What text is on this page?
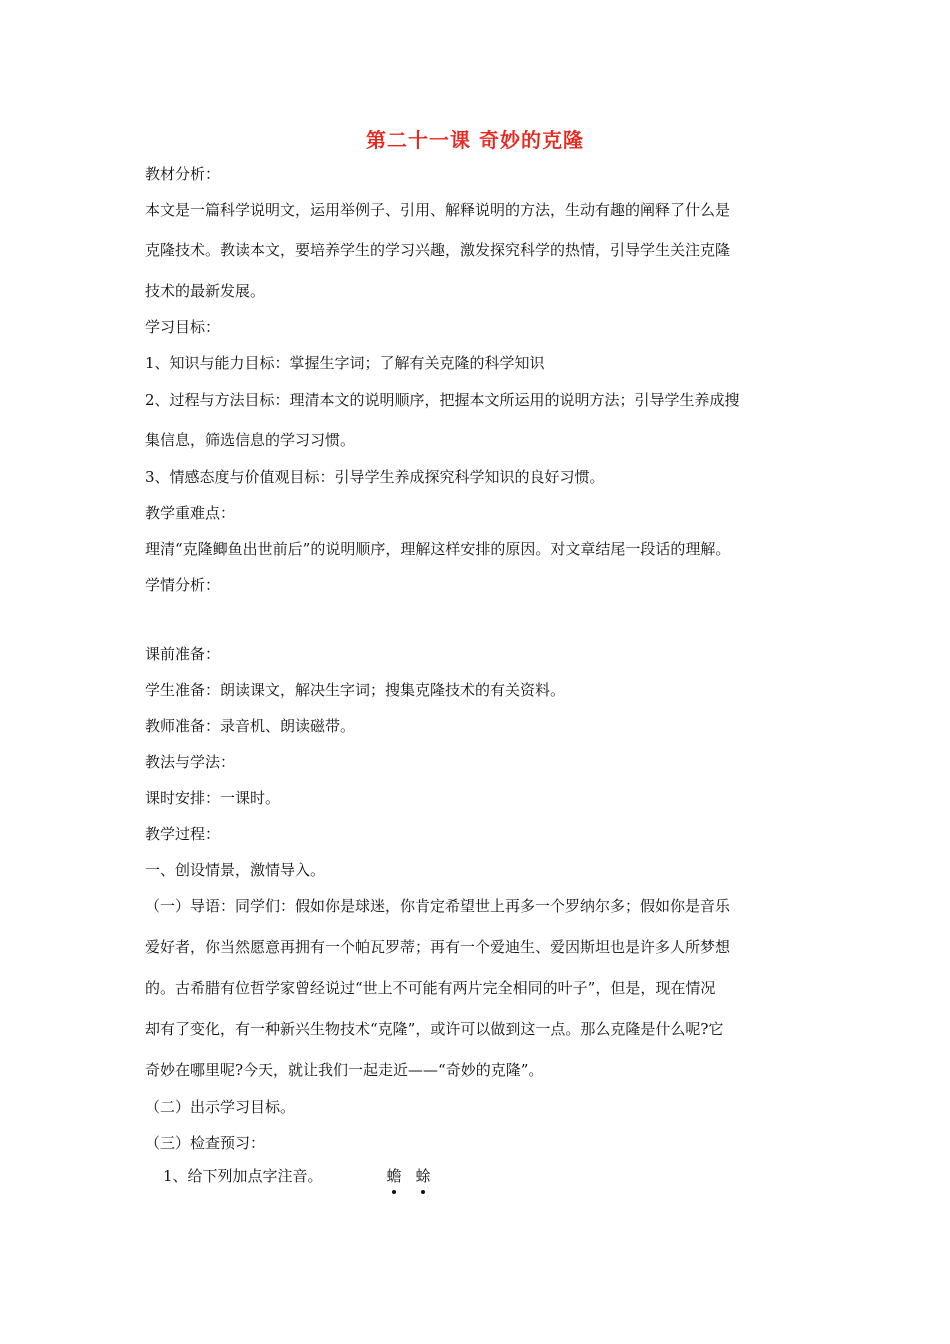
第二十一课 奇妙的克隆
教材分析：
本文是一篇科学说明文，运用举例子、引用、解释说明的方法，生动有趣的阐释了什么是
克隆技术。教读本文，要培养学生的学习兴趣，激发探究科学的热情，引导学生关注克隆
技术的最新发展。
学习目标：
1、知识与能力目标：掌握生字词；了解有关克隆的科学知识
2、过程与方法目标：理清本文的说明顺序，把握本文所运用的说明方法；引导学生养成搜
集信息，筛选信息的学习习惯。
3、情感态度与价值观目标：引导学生养成探究科学知识的良好习惯。
教学重难点：
理清“克隆鲫鱼出世前后”的说明顺序，理解这样安排的原因。对文章结尾一段话的理解。
学情分析：
课前准备：
学生准备：朗读课文，解决生字词；搜集克隆技术的有关资料。
教师准备：录音机、朗读磁带。
教法与学法：
课时安排：一课时。
教学过程：
一、创设情景，激情导入。
（一）导语：同学们：假如你是球迷，你肯定希望世上再多一个罗纳尔多；假如你是音乐
爱好者，你当然愿意再拥有一个帕瓦罗蒂；再有一个爱迪生、爱因斯坦也是许多人所梦想
的。古希腊有位哲学家曾经说过“世上不可能有两片完全相同的叶子”，但是，现在情况
却有了变化，有一种新兴生物技术“克隆”，或许可以做到这一点。那么克隆是什么呢?它
奇妙在哪里呢?今天，就让我们一起走近——“奇妙的克隆”。
（二）出示学习目标。
（三）检查预习：
1、给下列加点字注音。	蟾 蜍
